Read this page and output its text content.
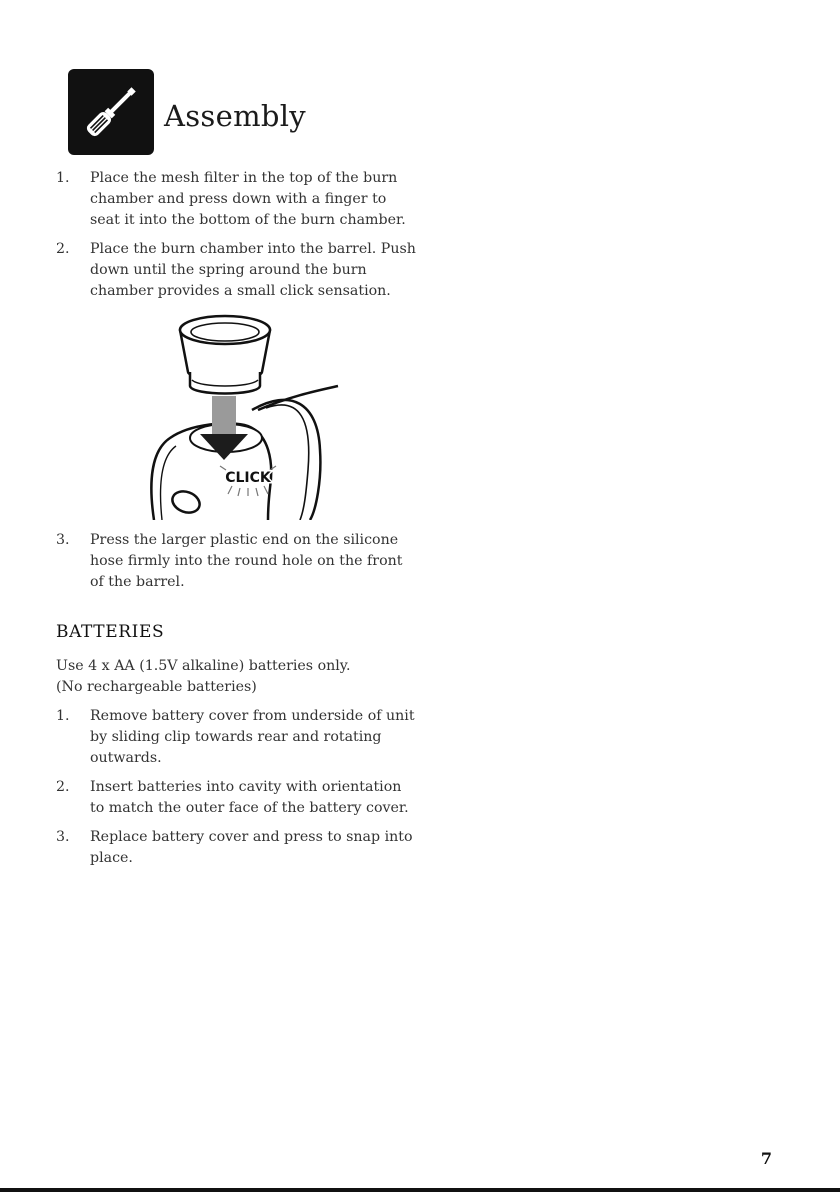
Assembly
1. Place the mesh filter in the top of the burn chamber and press down with a finger to seat it into the bottom of the burn chamber.
2. Place the burn chamber into the barrel. Push down until the spring around the burn chamber provides a small click sensation.
CLICK
3. Press the larger plastic end on the silicone hose firmly into the round hole on the front of the barrel.
BATTERIES
Use 4 x AA (1.5V alkaline) batteries only.
(No rechargeable batteries)
1. Remove battery cover from underside of unit by sliding clip towards rear and rotating outwards.
2. Insert batteries into cavity with orientation to match the outer face of the battery cover.
3. Replace battery cover and press to snap into place.
7
